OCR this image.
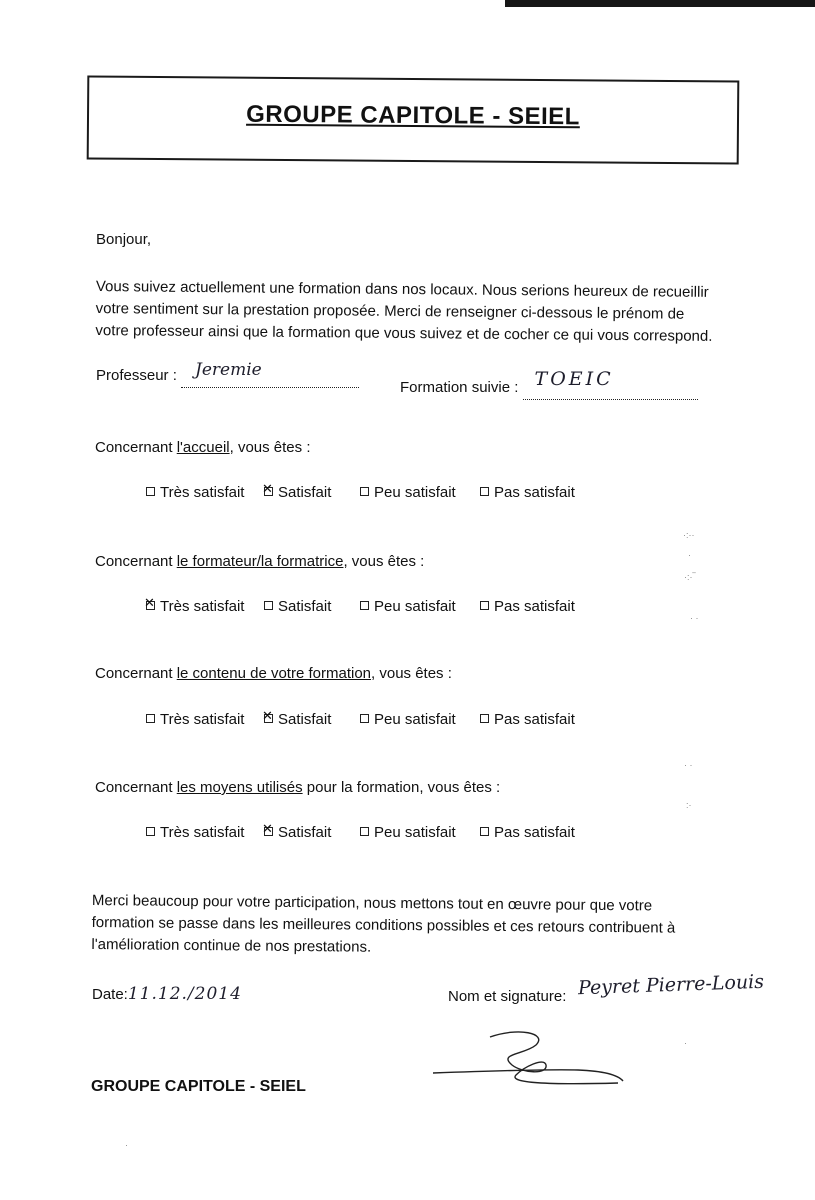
GROUPE CAPITOLE - SEIEL
Bonjour,
Vous suivez actuellement une formation dans nos locaux. Nous serions heureux de recueillir
votre sentiment sur la prestation proposée. Merci de renseigner ci-dessous le prénom de
votre professeur ainsi que la formation que vous suivez et de cocher ce qui vous correspond.
Professeur : Jeremie

Formation suivie : TOEIC

Concernant l'accueil, vous êtes :
Très satisfait ✕	Satisfait	Peu satisfait	Pas satisfait
Concernant le formateur/la formatrice, vous êtes :
✕Très satisfait	Satisfait	Peu satisfait	Pas satisfait
Concernant le contenu de votre formation, vous êtes :
Très satisfait ✕	Satisfait	Peu satisfait	Pas satisfait
Concernant les moyens utilisés pour la formation, vous êtes :
Très satisfait ✕	Satisfait	Peu satisfait	Pas satisfait
Merci beaucoup pour votre participation, nous mettons tout en œuvre pour que votre
formation se passe dans les meilleures conditions possibles et ces retours contribuent à
l'amélioration continue de nos prestations.
Date:11.12./2014	Nom et signature: Peyret Pierre-Louis
GROUPE CAPITOLE - SEIEL
·:··
·
·:·‾
· ·
· ·
:·
·
·
